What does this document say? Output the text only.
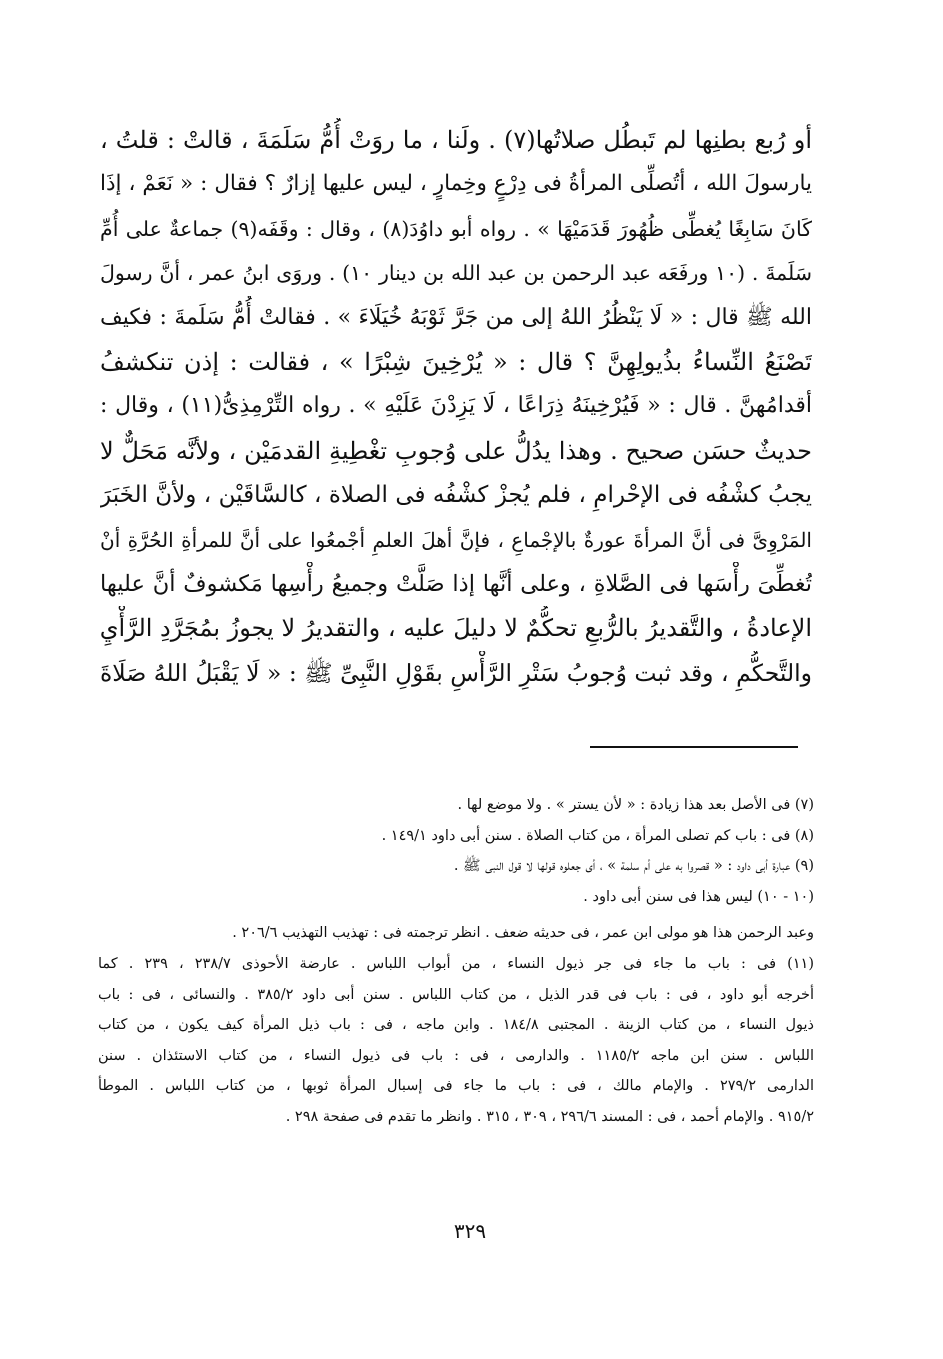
أو رُبع بطنِها لم تَبطُل صلاتُها(٧) . ولَنا ، ما روَتْ أُمُّ سَلَمَةَ ، قالتْ : قلتُ ،
يارسولَ الله ، أتُصلِّى المرأةُ فى دِرْعٍ وخِمارٍ ، ليس عليها إزارٌ ؟ فقال : « نَعَمْ ، إذَا
كَانَ سَابِغًا يُغطِّى ظُهُورَ قَدَمَيْهَا » . رواه أبو داوُدَ(٨) ، وقال : وقَفَه(٩) جماعةٌ على أُمِّ
سَلَمةَ . (١٠ ورفَعَه عبد الرحمن بن عبد الله بن دينار ١٠) . وروَى ابنُ عمر ، أنَّ رسولَ
الله ﷺ قال : « لَا يَنْظُرُ اللهُ إلى من جَرَّ ثَوْبَهُ خُيَلَاءَ » . فقالتْ أُمُّ سَلَمةَ : فكيف
تَصْنَعُ النِّساءُ بذُيولِهِنَّ ؟ قال : « يُرْخِينَ شِبْرًا » ، فقالت : إذن تنكشفُ
أقدامُهنَّ . قال : « فَيُرْخِينَهُ ذِرَاعًا ، لَا يَزِدْنَ عَلَيْهِ » . رواه التِّرْمِذِىُّ(١١) ، وقال :
حديثٌ حسَن صحيح . وهذا يدُلُّ على وُجوبِ تغْطِيةِ القدمَيْن ، ولأنَّه مَحَلٌّ لا
يجبُ كشْفُه فى الإحْرامِ ، فلم يُجزْ كشْفُه فى الصلاة ، كالسَّاقَيْن ، ولأنَّ الخَبَرَ
المَرْوِىَّ فى أنَّ المرأةَ عورةٌ بالإجْماعِ ، فإنَّ أهلَ العلمِ أجْمعُوا على أنَّ للمرأةِ الحُرَّةِ أنْ
تُغطِّىَ رأْسَها فى الصَّلاةِ ، وعلى أنَّها إذا صَلَّتْ وجميعُ رأْسِها مَكشوفٌ أنَّ عليها
الإعادةُ ، والتَّقديرُ بالرُّبعِ تحكُّمٌ لا دليلَ عليه ، والتقديرُ لا يجوزُ بمُجَرَّدِ الرَّأْيِ
والتَّحكُّمِ ، وقد ثبت وُجوبُ سَتْرِ الرَّأْسِ بقَوْلِ النَّبِىِّ ﷺ : « لَا يَقْبَلُ اللهُ صَلَاةَ
(٧) فى الأصل بعد هذا زيادة : « لأن يستر » . ولا موضع لها .
(٨) فى : باب كم تصلى المرأة ، من كتاب الصلاة . سنن أبى داود ١٤٩/١ .
(٩) عبارة أبى داود : « قصروا به على أم سلمة » ، أى جعلوه قولها لا قول النبى ﷺ .
(١٠ - ١٠) ليس هذا فى سنن أبى داود .
وعبد الرحمن هذا هو مولى ابن عمر ، فى حديثه ضعف . انظر ترجمته فى : تهذيب التهذيب ٢٠٦/٦ .
(١١) فى : باب ما جاء فى جر ذيول النساء ، من أبواب اللباس . عارضة الأحوذى ٢٣٨/٧ ، ٢٣٩ . كما
أخرجه أبو داود ، فى : باب فى قدر الذيل ، من كتاب اللباس . سنن أبى داود ٣٨٥/٢ . والنسائى ، فى : باب
ذيول النساء ، من كتاب الزينة . المجتبى ١٨٤/٨ . وابن ماجه ، فى : باب ذيل المرأة كيف يكون ، من كتاب
اللباس . سنن ابن ماجه ١١٨٥/٢ . والدارمى ، فى : باب فى ذيول النساء ، من كتاب الاستئذان . سنن
الدارمى ٢٧٩/٢ . والإمام مالك ، فى : باب ما جاء فى إسبال المرأة ثوبها ، من كتاب اللباس . الموطأ
٩١٥/٢ . والإمام أحمد ، فى : المسند ٢٩٦/٦ ، ٣٠٩ ، ٣١٥ . وانظر ما تقدم فى صفحة ٢٩٨ .
٣٢٩
